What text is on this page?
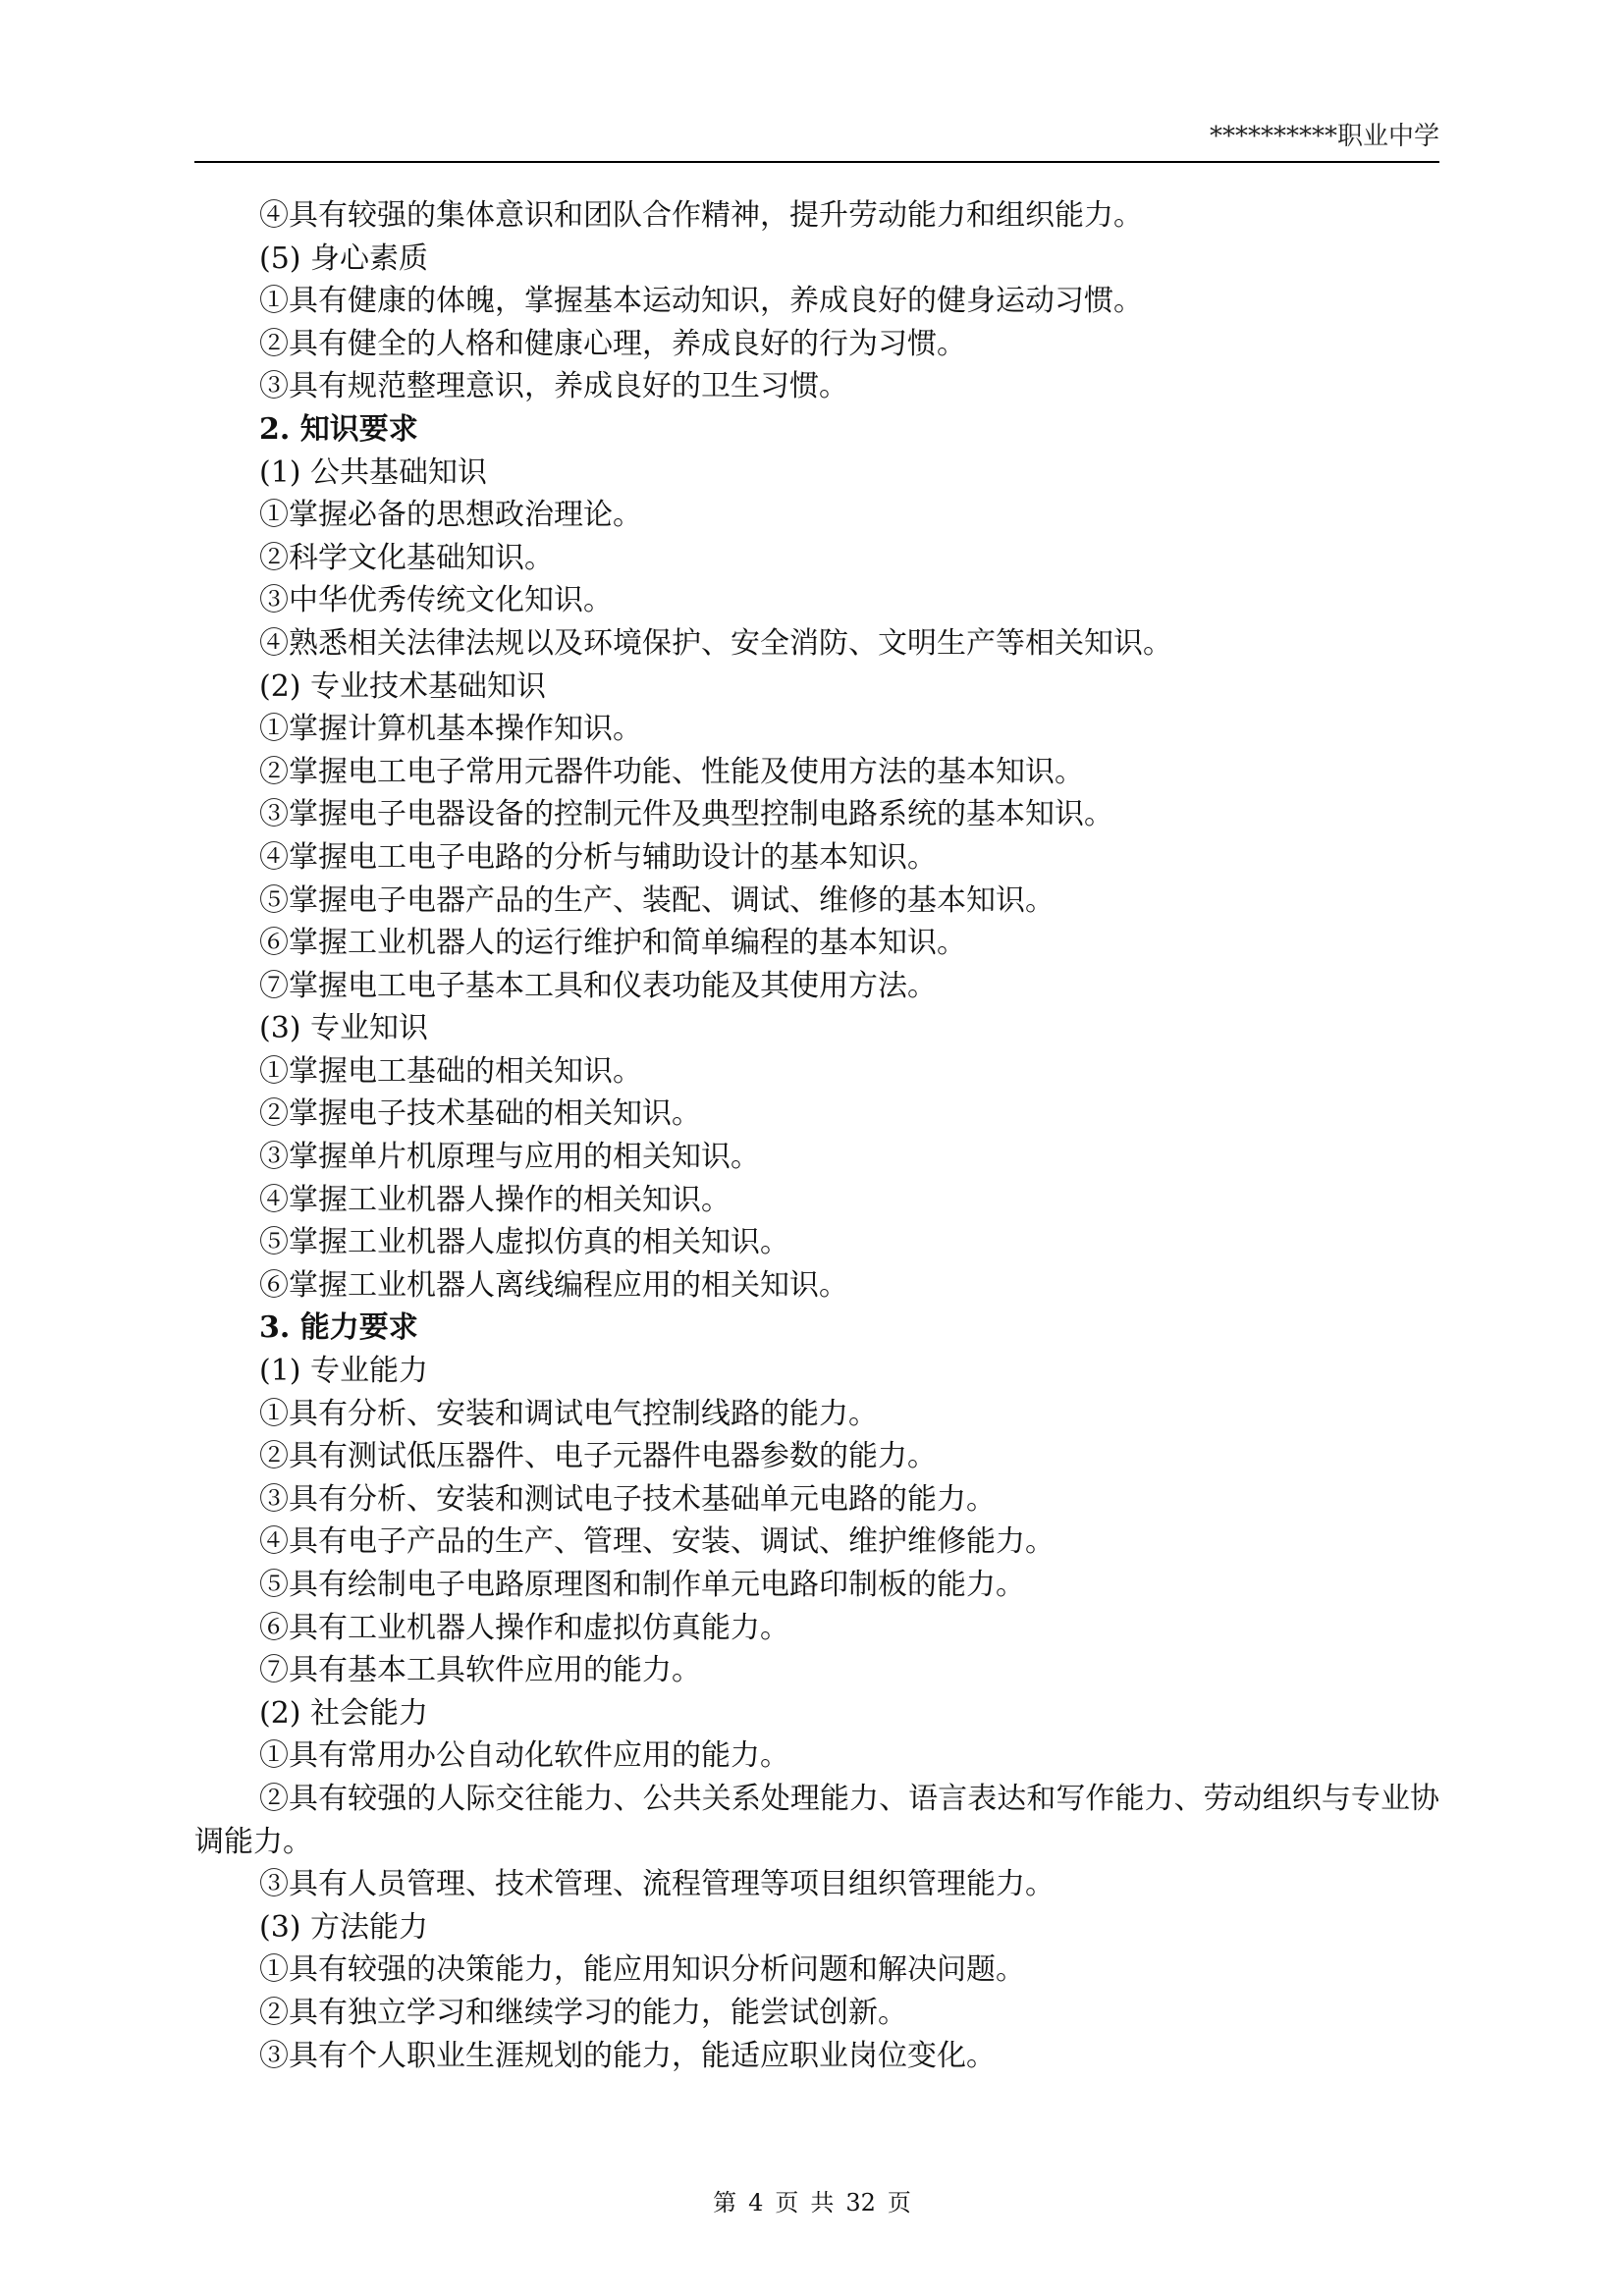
**********职业中学
④具有较强的集体意识和团队合作精神，提升劳动能力和组织能力。
(5) 身心素质
①具有健康的体魄，掌握基本运动知识，养成良好的健身运动习惯。
②具有健全的人格和健康心理，养成良好的行为习惯。
③具有规范整理意识，养成良好的卫生习惯。
2. 知识要求
(1) 公共基础知识
①掌握必备的思想政治理论。
②科学文化基础知识。
③中华优秀传统文化知识。
④熟悉相关法律法规以及环境保护、安全消防、文明生产等相关知识。
(2) 专业技术基础知识
①掌握计算机基本操作知识。
②掌握电工电子常用元器件功能、性能及使用方法的基本知识。
③掌握电子电器设备的控制元件及典型控制电路系统的基本知识。
④掌握电工电子电路的分析与辅助设计的基本知识。
⑤掌握电子电器产品的生产、装配、调试、维修的基本知识。
⑥掌握工业机器人的运行维护和简单编程的基本知识。
⑦掌握电工电子基本工具和仪表功能及其使用方法。
(3) 专业知识
①掌握电工基础的相关知识。
②掌握电子技术基础的相关知识。
③掌握单片机原理与应用的相关知识。
④掌握工业机器人操作的相关知识。
⑤掌握工业机器人虚拟仿真的相关知识。
⑥掌握工业机器人离线编程应用的相关知识。
3. 能力要求
(1) 专业能力
①具有分析、安装和调试电气控制线路的能力。
②具有测试低压器件、电子元器件电器参数的能力。
③具有分析、安装和测试电子技术基础单元电路的能力。
④具有电子产品的生产、管理、安装、调试、维护维修能力。
⑤具有绘制电子电路原理图和制作单元电路印制板的能力。
⑥具有工业机器人操作和虚拟仿真能力。
⑦具有基本工具软件应用的能力。
(2) 社会能力
①具有常用办公自动化软件应用的能力。
②具有较强的人际交往能力、公共关系处理能力、语言表达和写作能力、劳动组织与专业协调能力。
③具有人员管理、技术管理、流程管理等项目组织管理能力。
(3) 方法能力
①具有较强的决策能力，能应用知识分析问题和解决问题。
②具有独立学习和继续学习的能力，能尝试创新。
③具有个人职业生涯规划的能力，能适应职业岗位变化。
第 4 页 共 32 页
